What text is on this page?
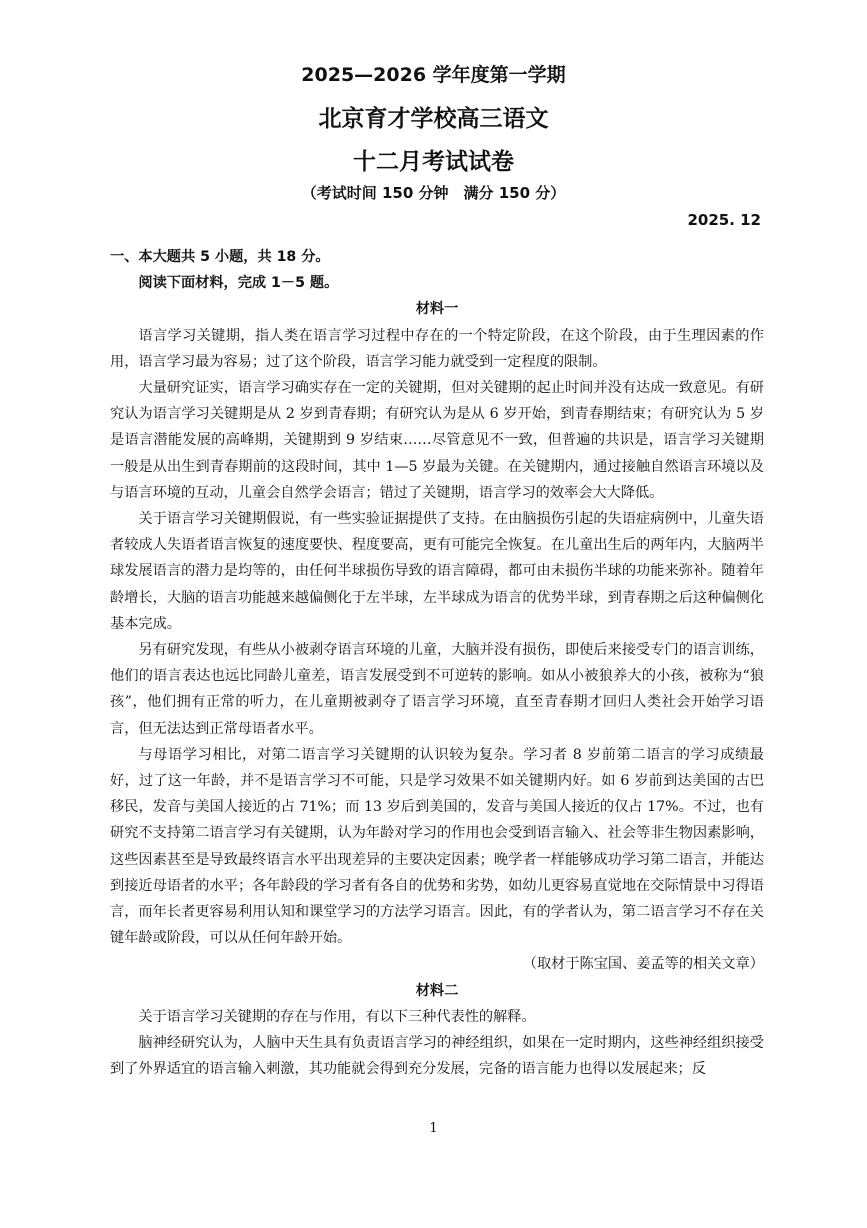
2025—2026 学年度第一学期
北京育才学校高三语文
十二月考试试卷
（考试时间 150 分钟　满分 150 分）
2025. 12

一、本大题共 5 小题，共 18 分。

阅读下面材料，完成 1－5 题。

材料一

语言学习关键期，指人类在语言学习过程中存在的一个特定阶段，在这个阶段，由于生理因素的作用，语言学习最为容易；过了这个阶段，语言学习能力就受到一定程度的限制。

大量研究证实，语言学习确实存在一定的关键期，但对关键期的起止时间并没有达成一致意见。有研究认为语言学习关键期是从 2 岁到青春期；有研究认为是从 6 岁开始，到青春期结束；有研究认为 5 岁是语言潜能发展的高峰期，关键期到 9 岁结束……尽管意见不一致，但普遍的共识是，语言学习关键期一般是从出生到青春期前的这段时间，其中 1—5 岁最为关键。在关键期内，通过接触自然语言环境以及与语言环境的互动，儿童会自然学会语言；错过了关键期，语言学习的效率会大大降低。

关于语言学习关键期假说，有一些实验证据提供了支持。在由脑损伤引起的失语症病例中，儿童失语者较成人失语者语言恢复的速度要快、程度要高，更有可能完全恢复。在儿童出生后的两年内，大脑两半球发展语言的潜力是均等的，由任何半球损伤导致的语言障碍，都可由未损伤半球的功能来弥补。随着年龄增长，大脑的语言功能越来越偏侧化于左半球，左半球成为语言的优势半球，到青春期之后这种偏侧化基本完成。

另有研究发现，有些从小被剥夺语言环境的儿童，大脑并没有损伤，即使后来接受专门的语言训练，他们的语言表达也远比同龄儿童差，语言发展受到不可逆转的影响。如从小被狼养大的小孩，被称为“狼孩”，他们拥有正常的听力，在儿童期被剥夺了语言学习环境，直至青春期才回归人类社会开始学习语言，但无法达到正常母语者水平。

与母语学习相比，对第二语言学习关键期的认识较为复杂。学习者 8 岁前第二语言的学习成绩最好，过了这一年龄，并不是语言学习不可能，只是学习效果不如关键期内好。如 6 岁前到达美国的古巴移民，发音与美国人接近的占 71%；而 13 岁后到美国的，发音与美国人接近的仅占 17%。不过，也有研究不支持第二语言学习有关键期，认为年龄对学习的作用也会受到语言输入、社会等非生物因素影响，这些因素甚至是导致最终语言水平出现差异的主要决定因素；晚学者一样能够成功学习第二语言，并能达到接近母语者的水平；各年龄段的学习者有各自的优势和劣势，如幼儿更容易直觉地在交际情景中习得语言，而年长者更容易利用认知和课堂学习的方法学习语言。因此，有的学者认为，第二语言学习不存在关键年龄或阶段，可以从任何年龄开始。

（取材于陈宝国、姜孟等的相关文章）

材料二

关于语言学习关键期的存在与作用，有以下三种代表性的解释。

脑神经研究认为，人脑中天生具有负责语言学习的神经组织，如果在一定时期内，这些神经组织接受到了外界适宜的语言输入刺激，其功能就会得到充分发展，完备的语言能力也得以发展起来；反

1
